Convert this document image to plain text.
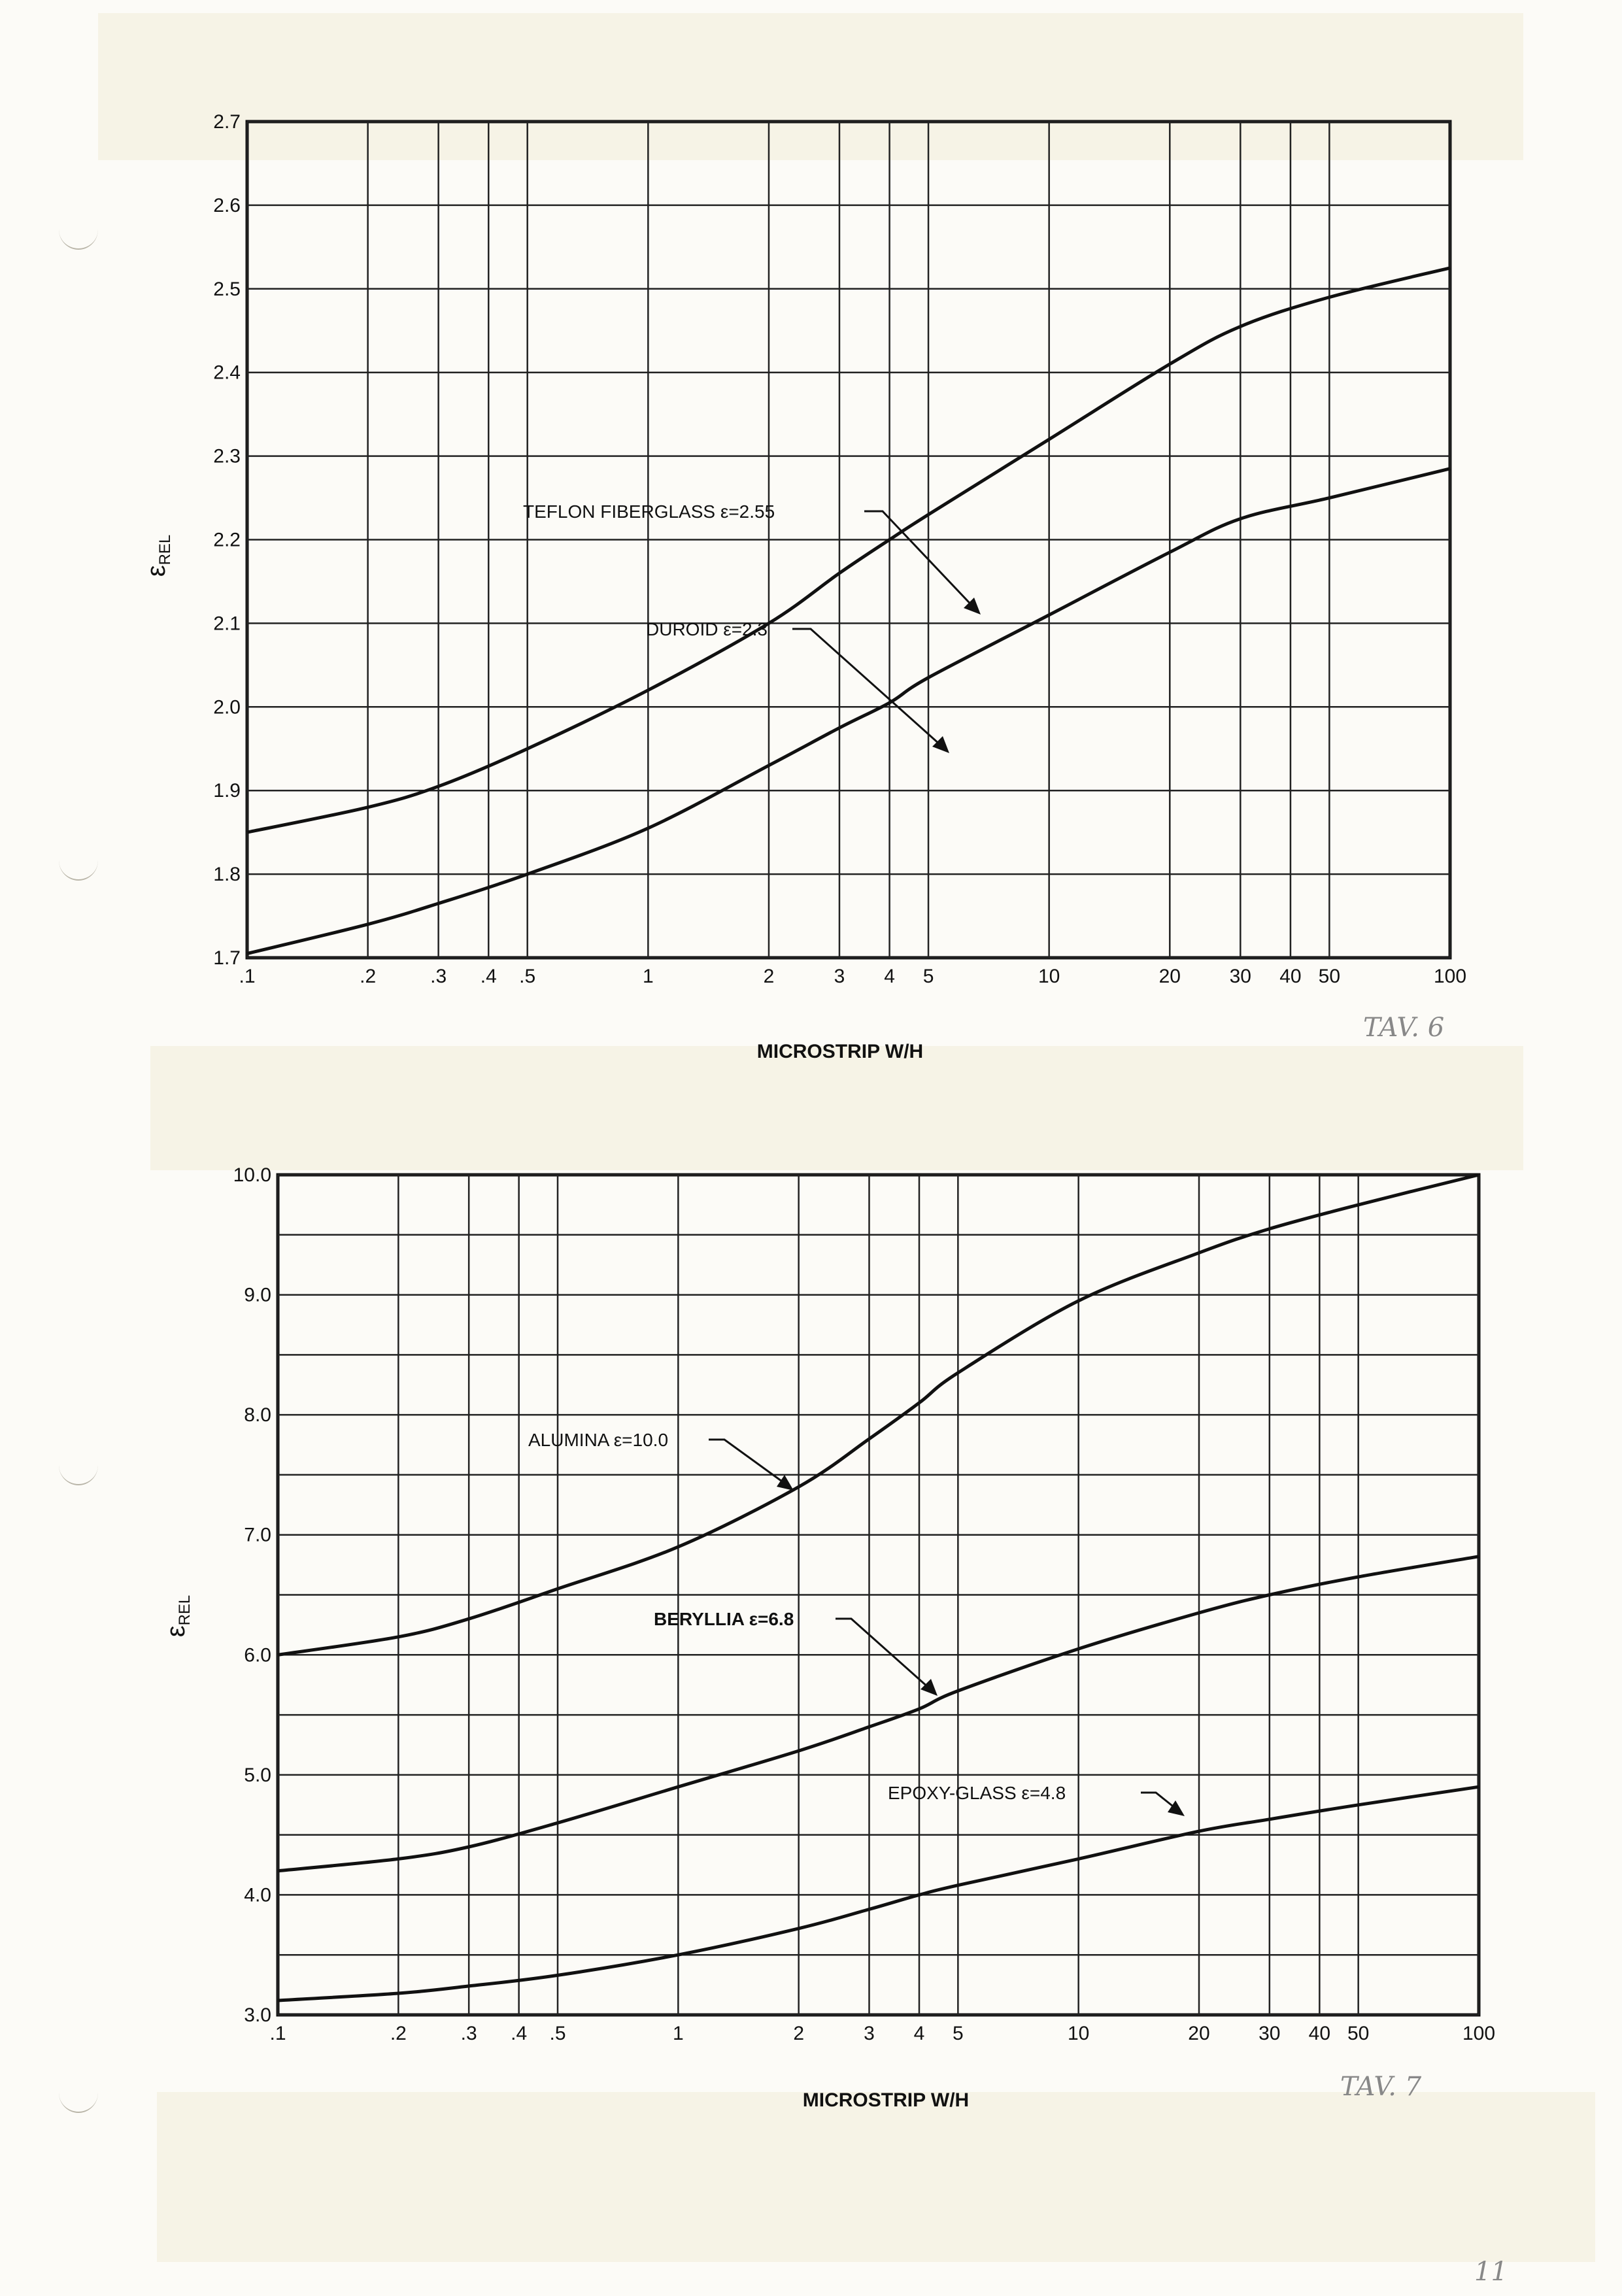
.1	.2	.3 .4 .5	1	2	3 4 5	10	20 30 40 50	100
1.7
1.8
1.9
2.0
2.1
2.2
2.3
2.4
2.5
2.6
2.7
$\varepsilon_{REL}$
MICROSTRIP W/H
TAV. 6
TEFLON FIBERGLASS ε=2.55
DUROID ε=2.3
.1	.2	.3 .4 .5	1	2	3 4 5	10	20 30 40 50	100
3.0
4.0
5.0
6.0
7.0
8.0
9.0
10.0
$\varepsilon_{REL}$
MICROSTRIP W/H	TAV. 7
ALUMINA ε=10.0
BERYLLIA ε=6.8
EPOXY-GLASS ε=4.8
11
